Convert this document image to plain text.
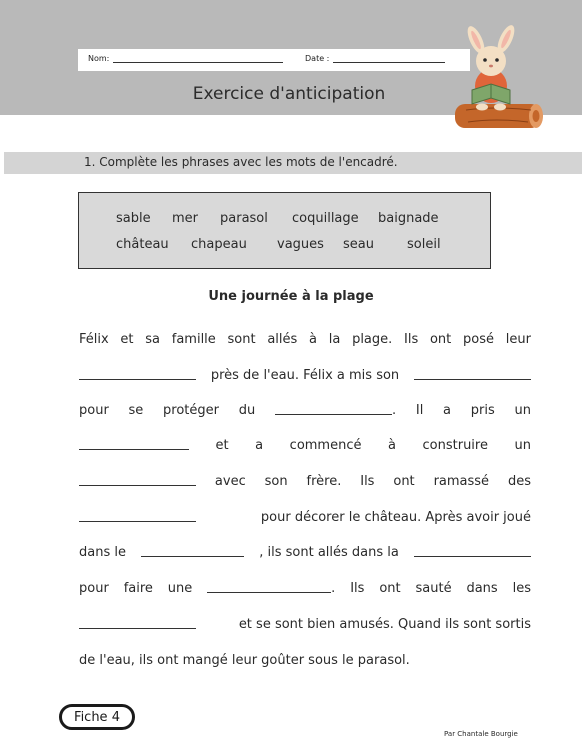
Nom:	Date :
Exercice d'anticipation
1. Complète les phrases avec les mots de l'encadré.
sable mer parasol coquillage baignade
château chapeau vagues seau	soleil
Une journée à la plage
Félix et sa famille sont allés à la plage. Ils ont posé leur
près de l'eau. Félix a mis son
pour se protéger du	. Il a pris un
et a commencé à construire un
avec son frère. Ils ont ramassé des
pour décorer le château. Après avoir joué
dans le	, ils sont allés dans la
pour faire une	. Ils ont sauté dans les
et se sont bien amusés. Quand ils sont sortis
de l'eau, ils ont mangé leur goûter sous le parasol.
Fiche 4
Par Chantale Bourgie
